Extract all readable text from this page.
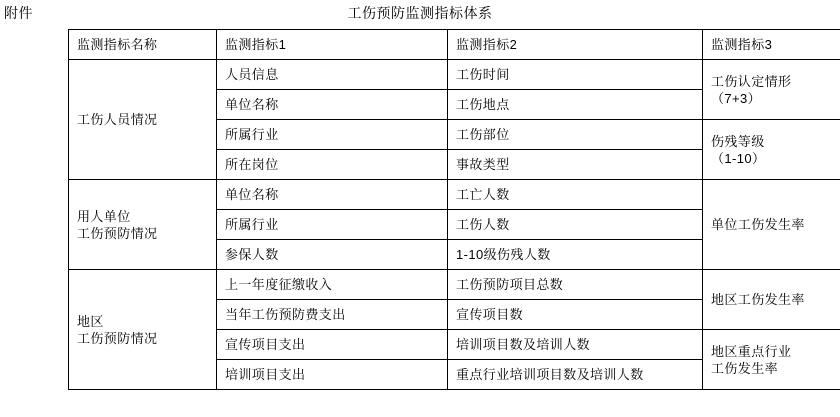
附件	工伤预防监测指标体系
监测指标名称	监测指标1	监测指标2	监测指标3
工伤人员情况	人员信息	工伤时间	工伤认定情形
（7+3）

	单位名称	工伤地点	
	所属行业	工伤部位	伤残等级
（1-10）

	所在岗位	事故类型	

用人单位
工伤预防情况	单位名称	工亡人数	单位工伤发生率
	所属行业	工伤人数	
	参保人数	1-10级伤残人数	

地区
工伤预防情况	上一年度征缴收入	工伤预防项目总数	地区工伤发生率
	当年工伤预防费支出	宣传项目数	
	宣传项目支出	培训项目数及培训人数	地区重点行业
工伤发生率

	培训项目支出	重点行业培训项目数及培训人数	
